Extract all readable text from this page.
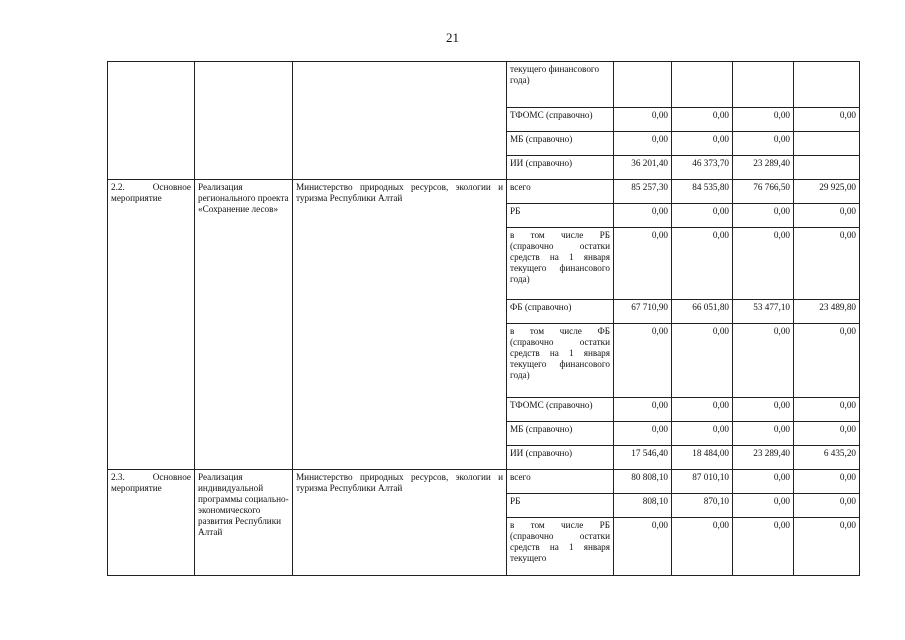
21
			текущего финансового года)				
			ТФОМС (справочно)	0,00	0,00	0,00	0,00
			МБ (справочно)	0,00	0,00	0,00	
			ИИ (справочно)	36 201,40	46 373,70	23 289,40	

2.2. Основное
мероприятие	Реализация регионального проекта «Сохранение лесов»	Министерство природных ресурсов, экологии и туризма Республики Алтай	всего	85 257,30	84 535,80	76 766,50	29 925,00
			РБ	0,00	0,00	0,00	0,00
			в том числе РБ (справочно остатки средств на 1 января текущего финансового года)	0,00	0,00	0,00	0,00
			ФБ (справочно)	67 710,90	66 051,80	53 477,10	23 489,80
			в том числе ФБ (справочно остатки средств на 1 января текущего финансового года)	0,00	0,00	0,00	0,00
			ТФОМС (справочно)	0,00	0,00	0,00	0,00
			МБ (справочно)	0,00	0,00	0,00	0,00
			ИИ (справочно)	17 546,40	18 484,00	23 289,40	6 435,20

2.3. Основное
мероприятие	Реализация индивидуальной программы социально-экономического развития Республики Алтай	Министерство природных ресурсов, экологии и туризма Республики Алтай	всего	80 808,10	87 010,10	0,00	0,00
			РБ	808,10	870,10	0,00	0,00
			в том числе РБ (справочно остатки средств на 1 января текущего	0,00	0,00	0,00	0,00
